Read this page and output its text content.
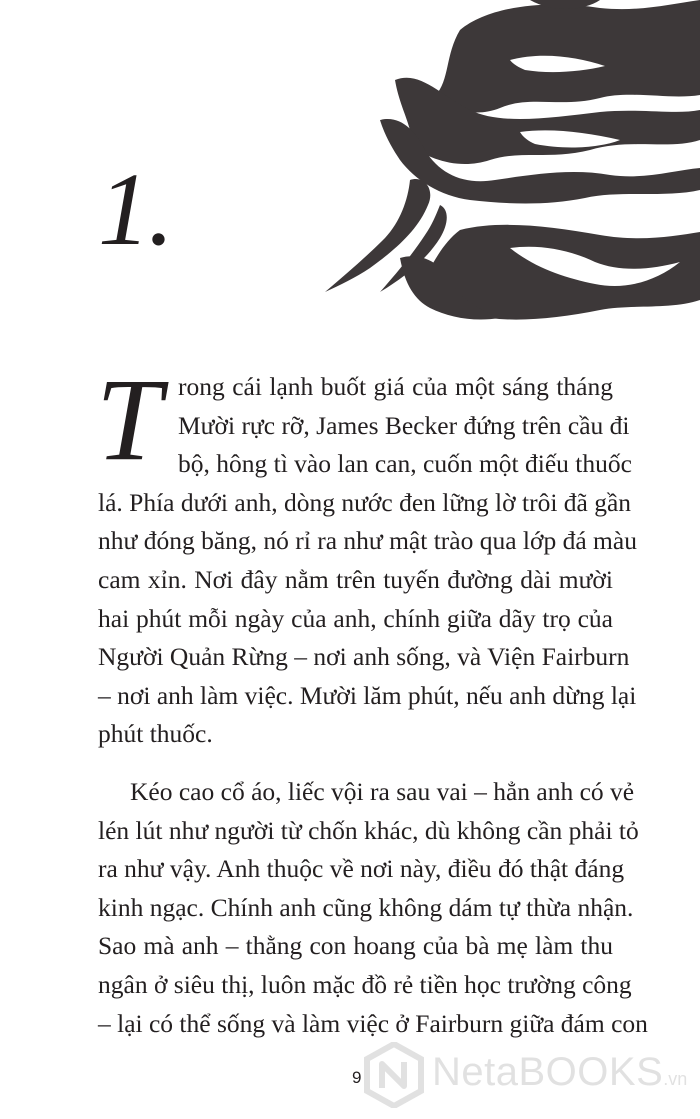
1.
T rong cái lạnh buốt giá của một sáng tháng
Mười rực rỡ, James Becker đứng trên cầu đi
bộ, hông tì vào lan can, cuốn một điếu thuốc
lá. Phía dưới anh, dòng nước đen lững lờ trôi đã gần
như đóng băng, nó rỉ ra như mật trào qua lớp đá màu
cam xỉn. Nơi đây nằm trên tuyến đường dài mười
hai phút mỗi ngày của anh, chính giữa dãy trọ của
Người Quản Rừng – nơi anh sống, và Viện Fairburn
– nơi anh làm việc. Mười lăm phút, nếu anh dừng lại
phút thuốc.
Kéo cao cổ áo, liếc vội ra sau vai – hẳn anh có vẻ
lén lút như người từ chốn khác, dù không cần phải tỏ
ra như vậy. Anh thuộc về nơi này, điều đó thật đáng
kinh ngạc. Chính anh cũng không dám tự thừa nhận.
Sao mà anh – thằng con hoang của bà mẹ làm thu
ngân ở siêu thị, luôn mặc đồ rẻ tiền học trường công
– lại có thể sống và làm việc ở Fairburn giữa đám con
9 NetaBOOKS.vn
